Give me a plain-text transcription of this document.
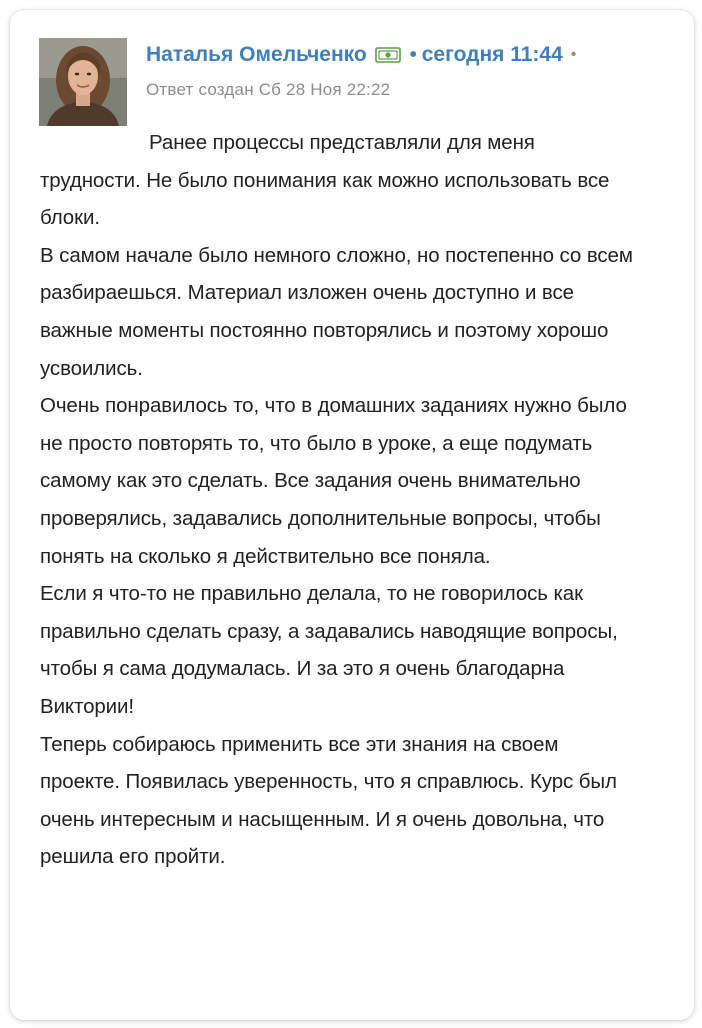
Наталья Омельченко • сегодня 11:44 •
Ответ создан Сб 28 Ноя 22:22
Ранее процессы представляли для меня трудности. Не было понимания как можно использовать все блоки.
В самом начале было немного сложно, но постепенно со всем разбираешься. Материал изложен очень доступно и все важные моменты постоянно повторялись и поэтому хорошо усвоились.
Очень понравилось то, что в домашних заданиях нужно было не просто повторять то, что было в уроке, а еще подумать самому как это сделать. Все задания очень внимательно проверялись, задавались дополнительные вопросы, чтобы понять на сколько я действительно все поняла.
Если я что-то не правильно делала, то не говорилось как правильно сделать сразу, а задавались наводящие вопросы, чтобы я сама додумалась. И за это я очень благодарна Виктории!
Теперь собираюсь применить все эти знания на своем проекте. Появилась уверенность, что я справлюсь. Курс был очень интересным и насыщенным. И я очень довольна, что решила его пройти.
